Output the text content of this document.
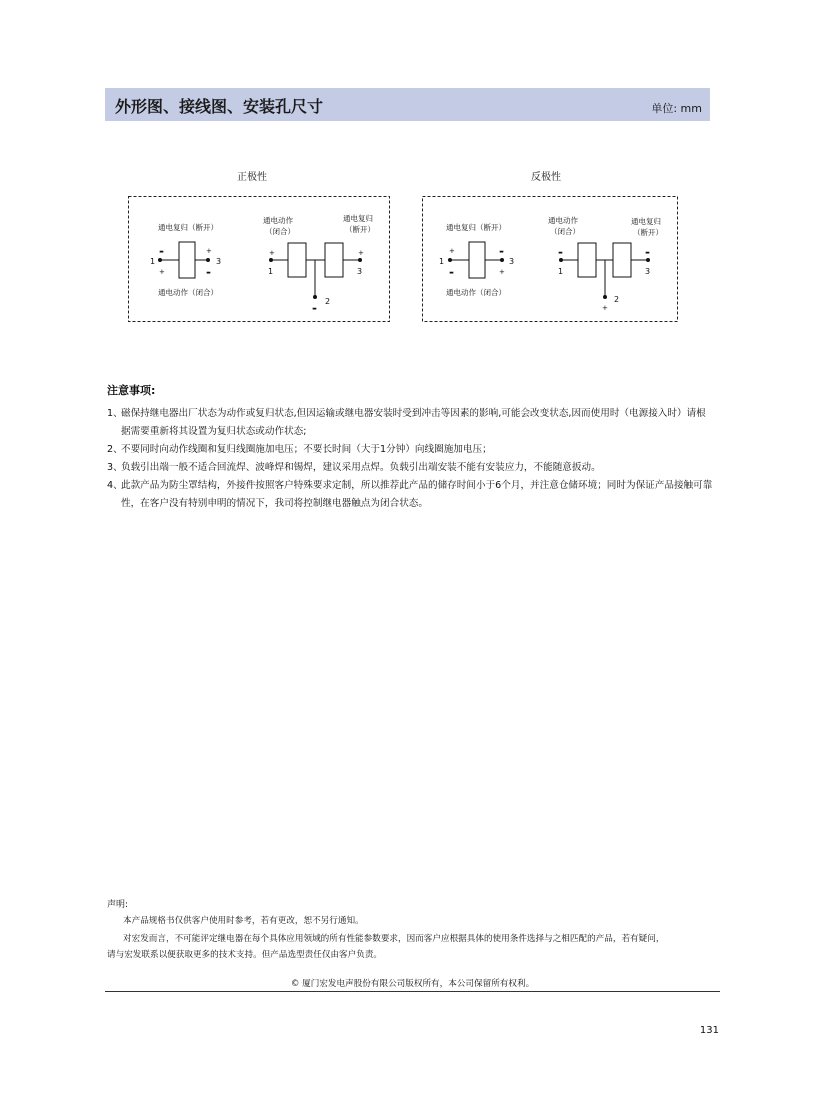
外形图、接线图、安装孔尺寸	单位: mm
正极性	反极性
通电复归（断开）
通电动作（闭合）
1	3
-
+
+
-
通电动作
（闭合）
通电复归
（断开）
+	+
1	3
2
-
通电复归（断开）
通电动作（闭合）
1	3
+
-
-
+
通电动作
（闭合）
通电复归
（断开）
-	-
1	3
2
+
注意事项:
1、
磁保持继电器出厂状态为动作或复归状态,但因运输或继电器安装时受到冲击等因素的影响,可能会改变状态,因而使用时（电源接入时）请根据需要重新将其设置为复归状态或动作状态;
2、
不要同时向动作线圈和复归线圈施加电压；不要长时间（大于1分钟）向线圈施加电压；
3、
负载引出端一般不适合回流焊、波峰焊和锡焊，建议采用点焊。负载引出端安装不能有安装应力，不能随意扳动。
4、
此款产品为防尘罩结构，外接件按照客户特殊要求定制，所以推荐此产品的储存时间小于6个月，并注意仓储环境；同时为保证产品接触可靠性，在客户没有特别申明的情况下，我司将控制继电器触点为闭合状态。
声明:
本产品规格书仅供客户使用时参考，若有更改，恕不另行通知。
对宏发而言，不可能评定继电器在每个具体应用领域的所有性能参数要求，因而客户应根据具体的使用条件选择与之相匹配的产品，若有疑问，
请与宏发联系以便获取更多的技术支持。但产品选型责任仅由客户负责。
© 厦门宏发电声股份有限公司版权所有，本公司保留所有权利。
131
